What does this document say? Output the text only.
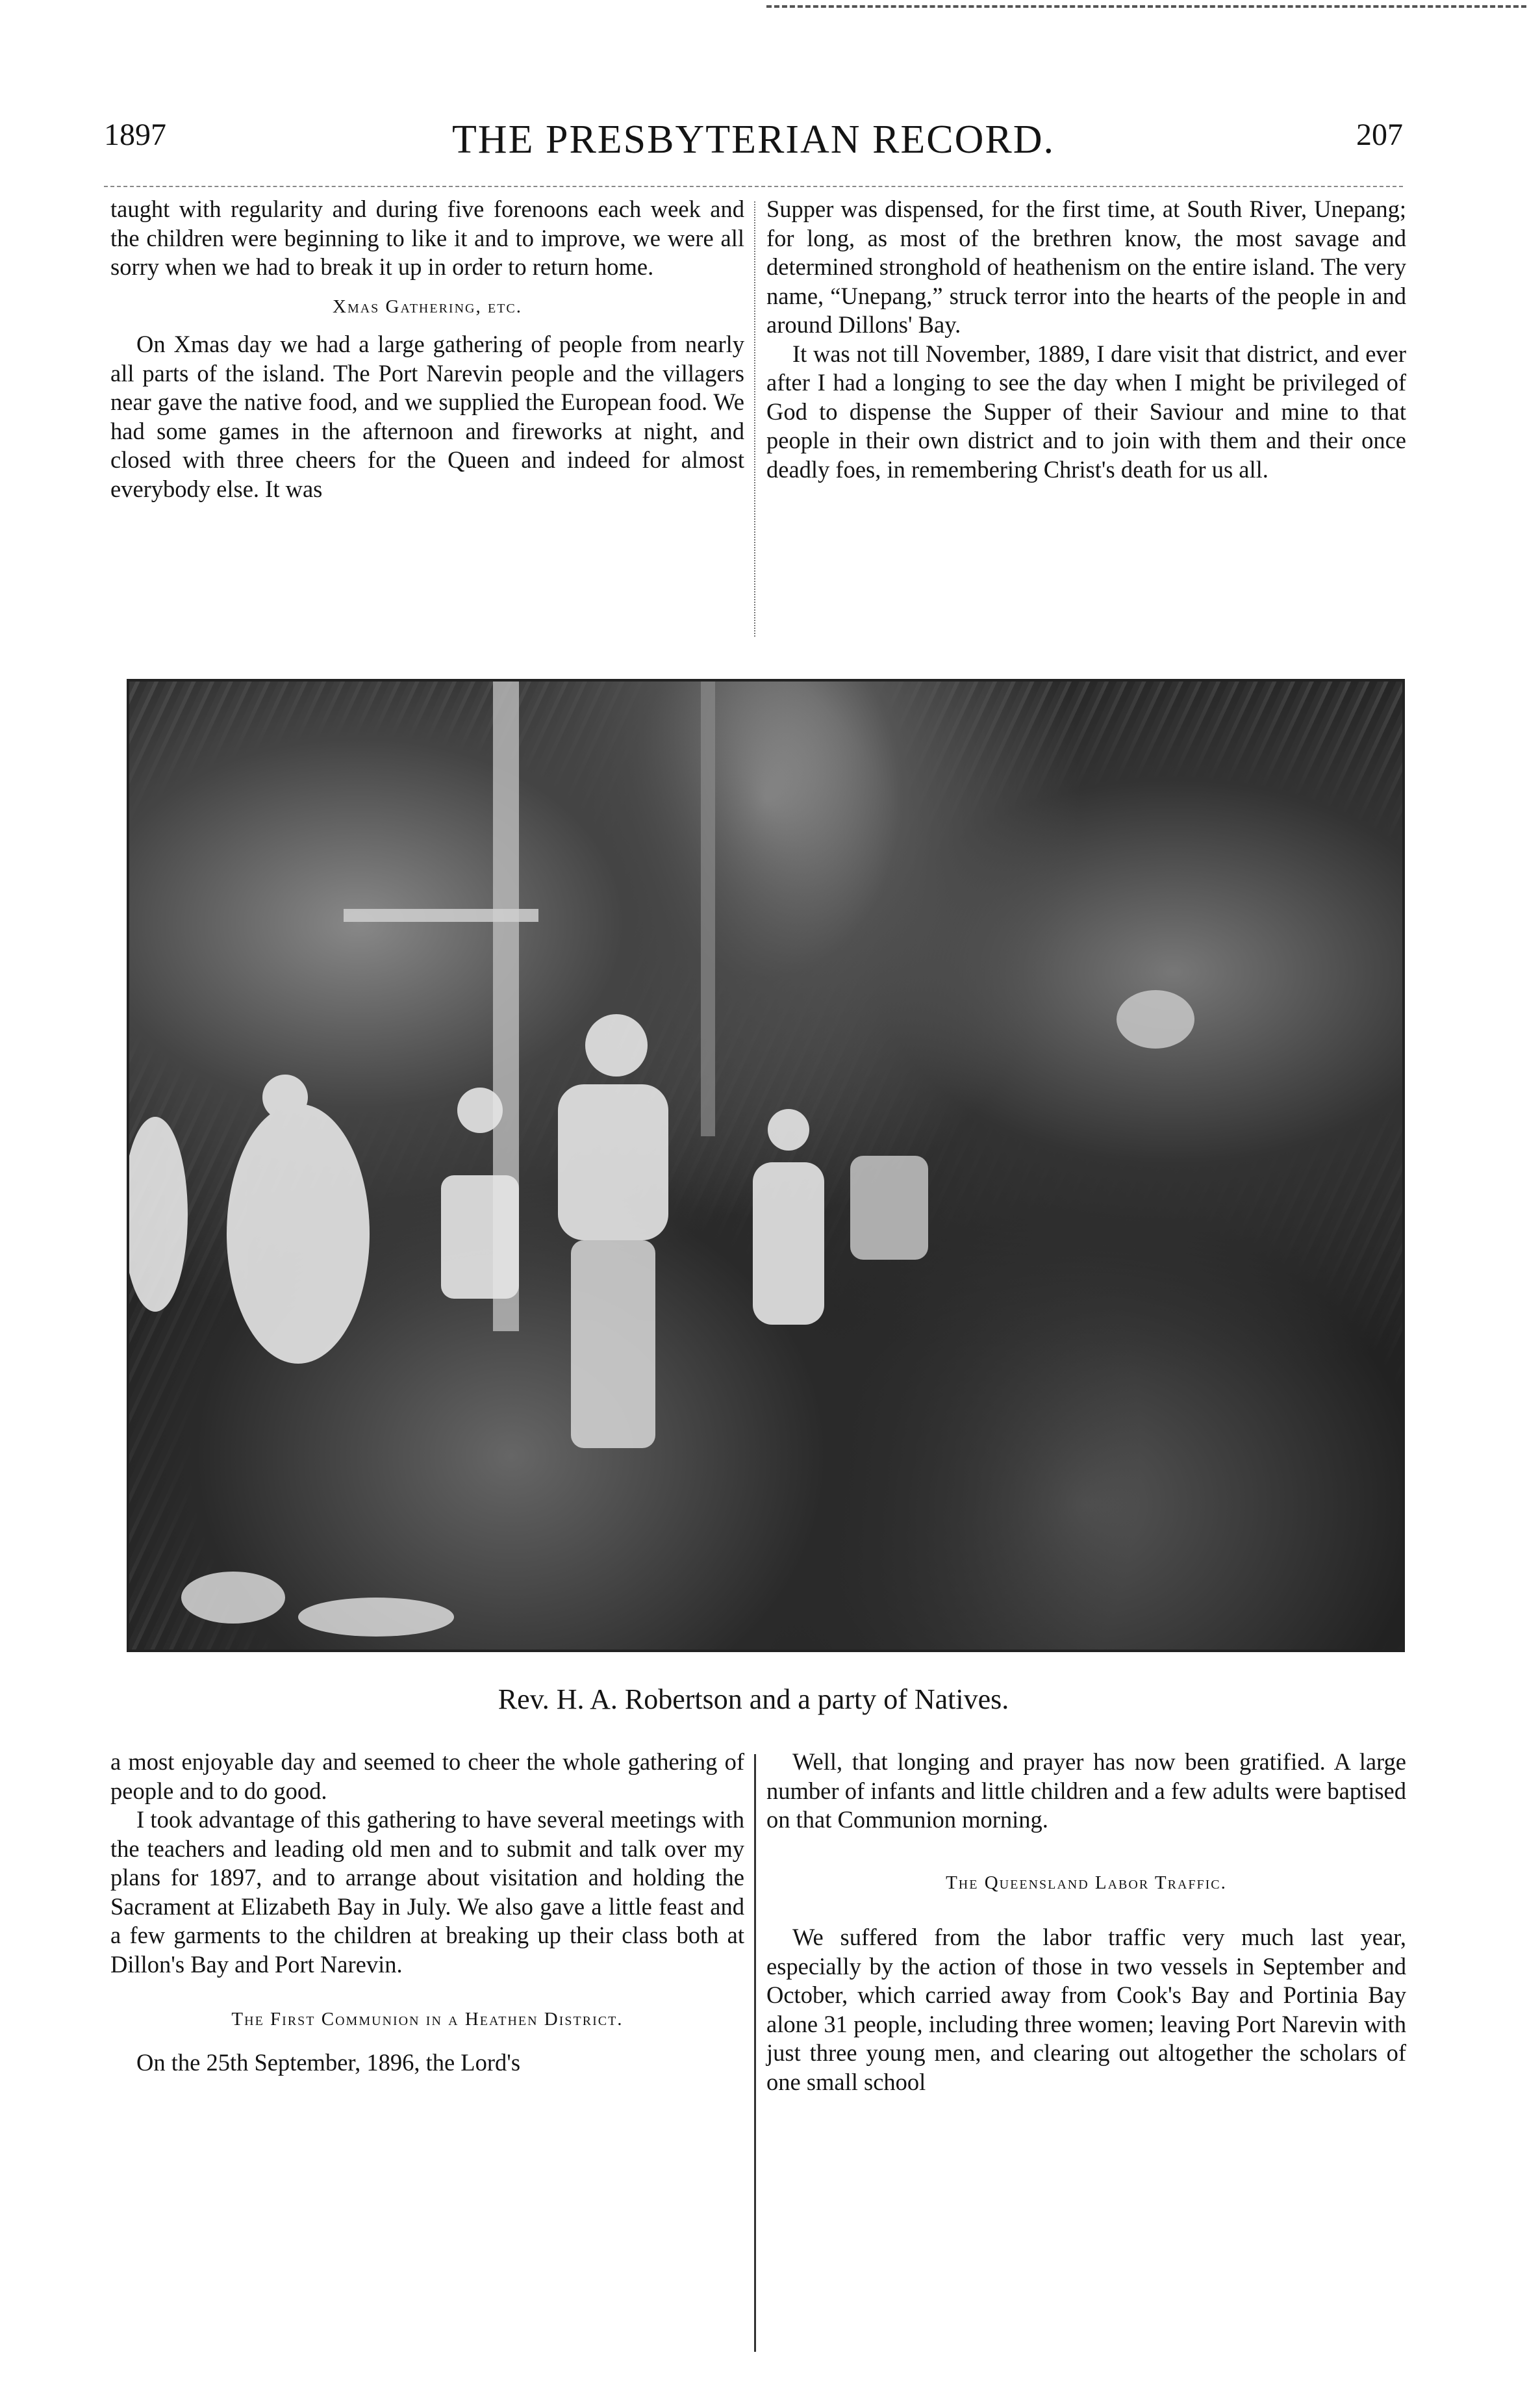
1897	THE PRESBYTERIAN RECORD.	207

taught with regularity and during five forenoons each week and the children were beginning to like it and to improve, we were all sorry when we had to break it up in order to return home.

Xmas Gathering, etc.

On Xmas day we had a large gathering of people from nearly all parts of the island. The Port Narevin people and the villagers near gave the native food, and we supplied the European food. We had some games in the afternoon and fireworks at night, and closed with three cheers for the Queen and indeed for almost everybody else. It was

Supper was dispensed, for the first time, at South River, Unepang; for long, as most of the brethren know, the most savage and determined stronghold of heathenism on the entire island. The very name, “Unepang,” struck terror into the hearts of the people in and around Dillons' Bay.

It was not till November, 1889, I dare visit that district, and ever after I had a longing to see the day when I might be privileged of God to dispense the Supper of their Saviour and mine to that people in their own district and to join with them and their once deadly foes, in remembering Christ's death for us all.

Rev. H. A. Robertson and a party of Natives.

a most enjoyable day and seemed to cheer the whole gathering of people and to do good.

I took advantage of this gathering to have several meetings with the teachers and leading old men and to submit and talk over my plans for 1897, and to arrange about visitation and holding the Sacrament at Elizabeth Bay in July. We also gave a little feast and a few garments to the children at breaking up their class both at Dillon's Bay and Port Narevin.

The First Communion in a Heathen District.

On the 25th September, 1896, the Lord's

Well, that longing and prayer has now been gratified. A large number of infants and little children and a few adults were baptised on that Communion morning.

The Queensland Labor Traffic.

We suffered from the labor traffic very much last year, especially by the action of those in two vessels in September and October, which carried away from Cook's Bay and Portinia Bay alone 31 people, including three women; leaving Port Narevin with just three young men, and clearing out altogether the scholars of one small school
